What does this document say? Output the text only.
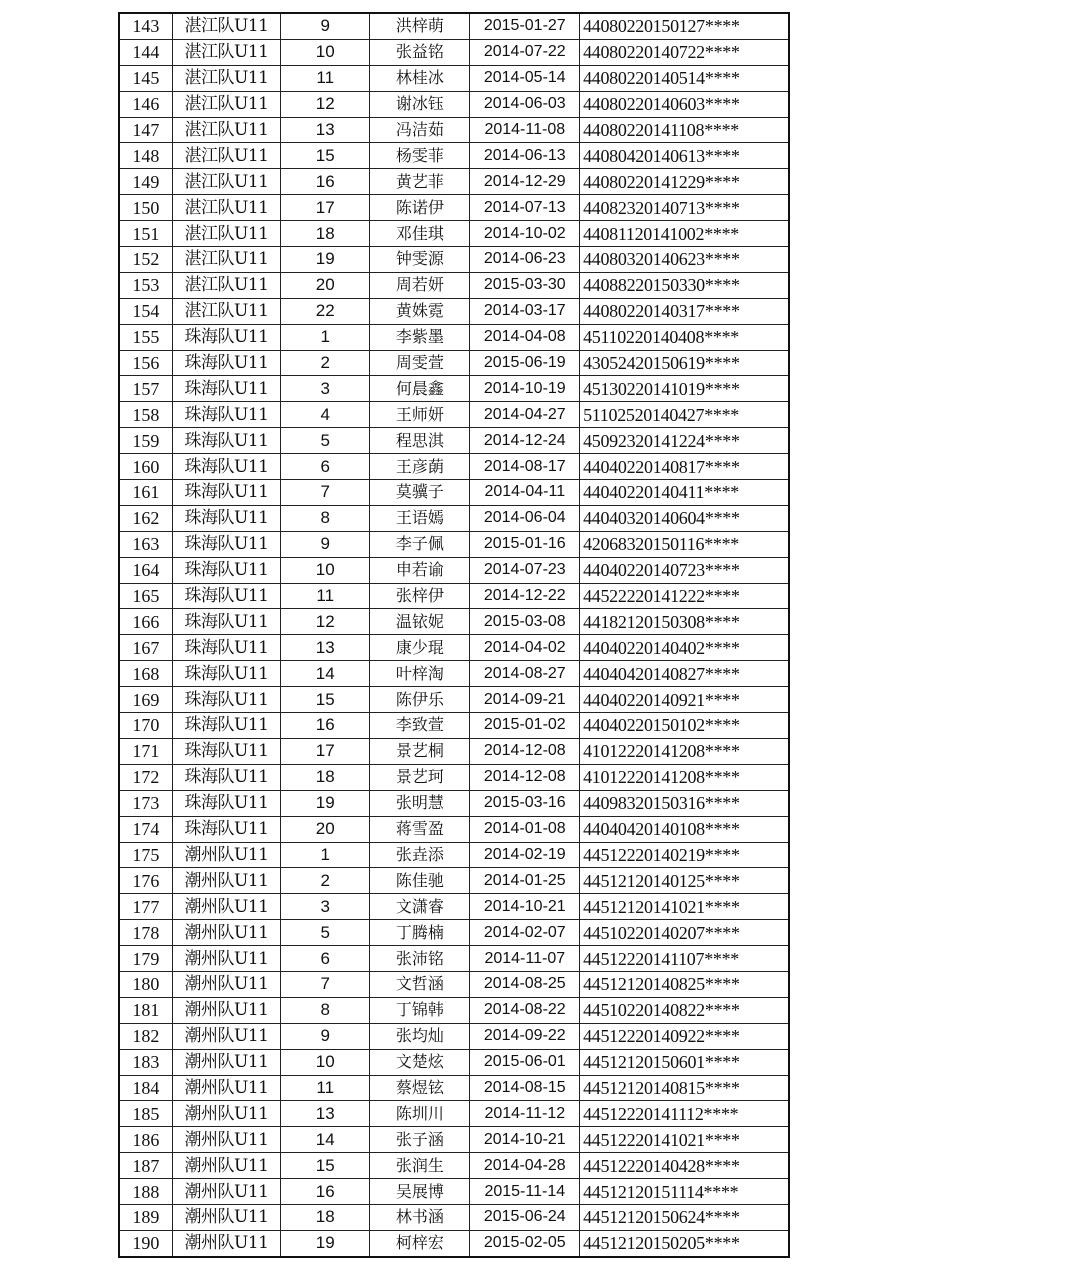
143	湛江队U11	9	洪梓萌	2015-01-27	44080220150127****
144	湛江队U11	10	张益铭	2014-07-22	44080220140722****
145	湛江队U11	11	林桂冰	2014-05-14	44080220140514****
146	湛江队U11	12	谢冰钰	2014-06-03	44080220140603****
147	湛江队U11	13	冯洁茹	2014-11-08	44080220141108****
148	湛江队U11	15	杨雯菲	2014-06-13	44080420140613****
149	湛江队U11	16	黄艺菲	2014-12-29	44080220141229****
150	湛江队U11	17	陈诺伊	2014-07-13	44082320140713****
151	湛江队U11	18	邓佳琪	2014-10-02	44081120141002****
152	湛江队U11	19	钟雯源	2014-06-23	44080320140623****
153	湛江队U11	20	周若妍	2015-03-30	44088220150330****
154	湛江队U11	22	黄姝霓	2014-03-17	44080220140317****
155	珠海队U11	1	李紫墨	2014-04-08	45110220140408****
156	珠海队U11	2	周雯萱	2015-06-19	43052420150619****
157	珠海队U11	3	何晨鑫	2014-10-19	45130220141019****
158	珠海队U11	4	王师妍	2014-04-27	51102520140427****
159	珠海队U11	5	程思淇	2014-12-24	45092320141224****
160	珠海队U11	6	王彦蓢	2014-08-17	44040220140817****
161	珠海队U11	7	莫骥子	2014-04-11	44040220140411****
162	珠海队U11	8	王语嫣	2014-06-04	44040320140604****
163	珠海队U11	9	李子佩	2015-01-16	42068320150116****
164	珠海队U11	10	申若谕	2014-07-23	44040220140723****
165	珠海队U11	11	张梓伊	2014-12-22	44522220141222****
166	珠海队U11	12	温铱妮	2015-03-08	44182120150308****
167	珠海队U11	13	康少琨	2014-04-02	44040220140402****
168	珠海队U11	14	叶梓淘	2014-08-27	44040420140827****
169	珠海队U11	15	陈伊乐	2014-09-21	44040220140921****
170	珠海队U11	16	李致萱	2015-01-02	44040220150102****
171	珠海队U11	17	景艺桐	2014-12-08	41012220141208****
172	珠海队U11	18	景艺珂	2014-12-08	41012220141208****
173	珠海队U11	19	张明慧	2015-03-16	44098320150316****
174	珠海队U11	20	蒋雪盈	2014-01-08	44040420140108****
175	潮州队U11	1	张垚添	2014-02-19	44512220140219****
176	潮州队U11	2	陈佳驰	2014-01-25	44512120140125****
177	潮州队U11	3	文潇睿	2014-10-21	44512120141021****
178	潮州队U11	5	丁腾楠	2014-02-07	44510220140207****
179	潮州队U11	6	张沛铭	2014-11-07	44512220141107****
180	潮州队U11	7	文哲涵	2014-08-25	44512120140825****
181	潮州队U11	8	丁锦韩	2014-08-22	44510220140822****
182	潮州队U11	9	张均灿	2014-09-22	44512220140922****
183	潮州队U11	10	文楚炫	2015-06-01	44512120150601****
184	潮州队U11	11	蔡煜铉	2014-08-15	44512120140815****
185	潮州队U11	13	陈圳川	2014-11-12	44512220141112****
186	潮州队U11	14	张子涵	2014-10-21	44512220141021****
187	潮州队U11	15	张润生	2014-04-28	44512220140428****
188	潮州队U11	16	吴展博	2015-11-14	44512120151114****
189	潮州队U11	18	林书涵	2015-06-24	44512120150624****
190	潮州队U11	19	柯梓宏	2015-02-05	44512120150205****
